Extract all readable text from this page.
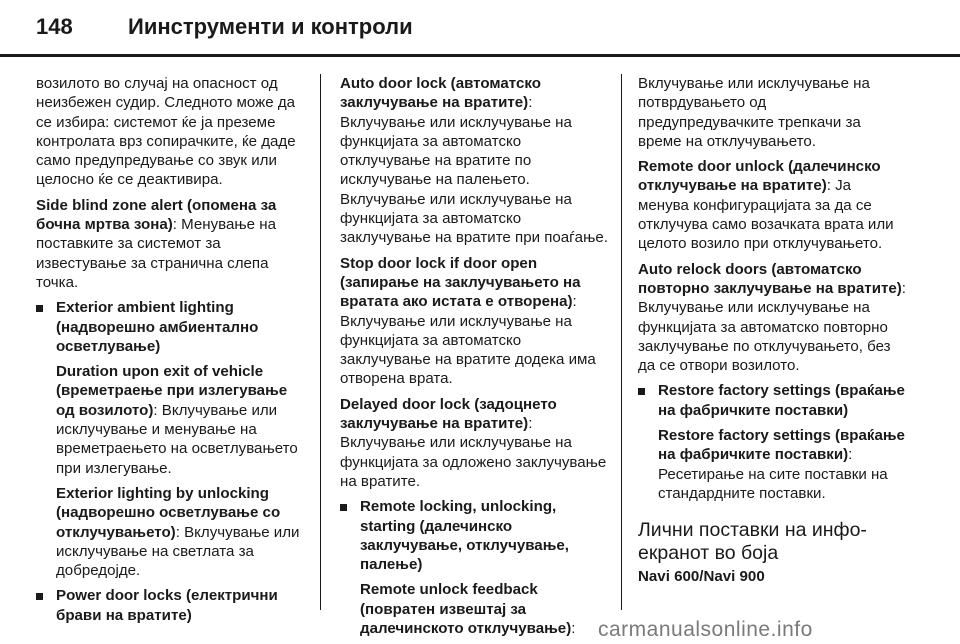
148	Иинструменти и контроли

возилото во случај на опасност од неизбежен судир. Следното може да се избира: системот ќе ја преземе контролата врз сопирачките, ќе даде само предупредување со звук или целосно ќе се деактивира.

Side blind zone alert (опомена за бочна мртва зона): Менување на поставките за системот за известување за странична слепа точка.

Exterior ambient lighting (надворешно амбиентално осветлување)

Duration upon exit of vehicle (времетраење при излегување од возилото): Вклучување или исклучување и менување на времетраењето на осветлувањето при излегување.

Exterior lighting by unlocking (надворешно осветлување со отклучувањето): Вклучување или исклучување на светлата за добредојде.

Power door locks (електрични брави на вратите)

Auto door lock (автоматско заклучување на вратите): Вклучување или исклучување на функцијата за автоматско отклучување на вратите по исклучување на палењето. Вклучување или исклучување на функцијата за автоматско заклучување на вратите при поаѓање.

Stop door lock if door open (запирање на заклучувањето на вратата ако истата е отворена): Вклучување или исклучување на функцијата за автоматско заклучување на вратите додека има отворена врата.

Delayed door lock (задоцнето заклучување на вратите): Вклучување или исклучување на функцијата за одложено заклучување на вратите.

Remote locking, unlocking, starting (далечинско заклучување, отклучување, палење)

Remote unlock feedback (повратен извештај за далечинското отклучување):

Вклучување или исклучување на потврдувањето од предупредувачките трепкачи за време на отклучувањето.

Remote door unlock (далечинско отклучување на вратите): Ја менува конфигурацијата за да се отклучува само возачката врата или целото возило при отклучувањето.

Auto relock doors (автоматско повторно заклучување на вратите): Вклучување или исклучување на функцијата за автоматско повторно заклучување по отклучувањето, без да се отвори возилото.

Restore factory settings (враќање на фабричките поставки)

Restore factory settings (враќање на фабричките поставки): Ресетирање на сите поставки на стандардните поставки.

Лични поставки на инфо-екранот во боја
Navi 600/Navi 900
carmanualsonline.info
